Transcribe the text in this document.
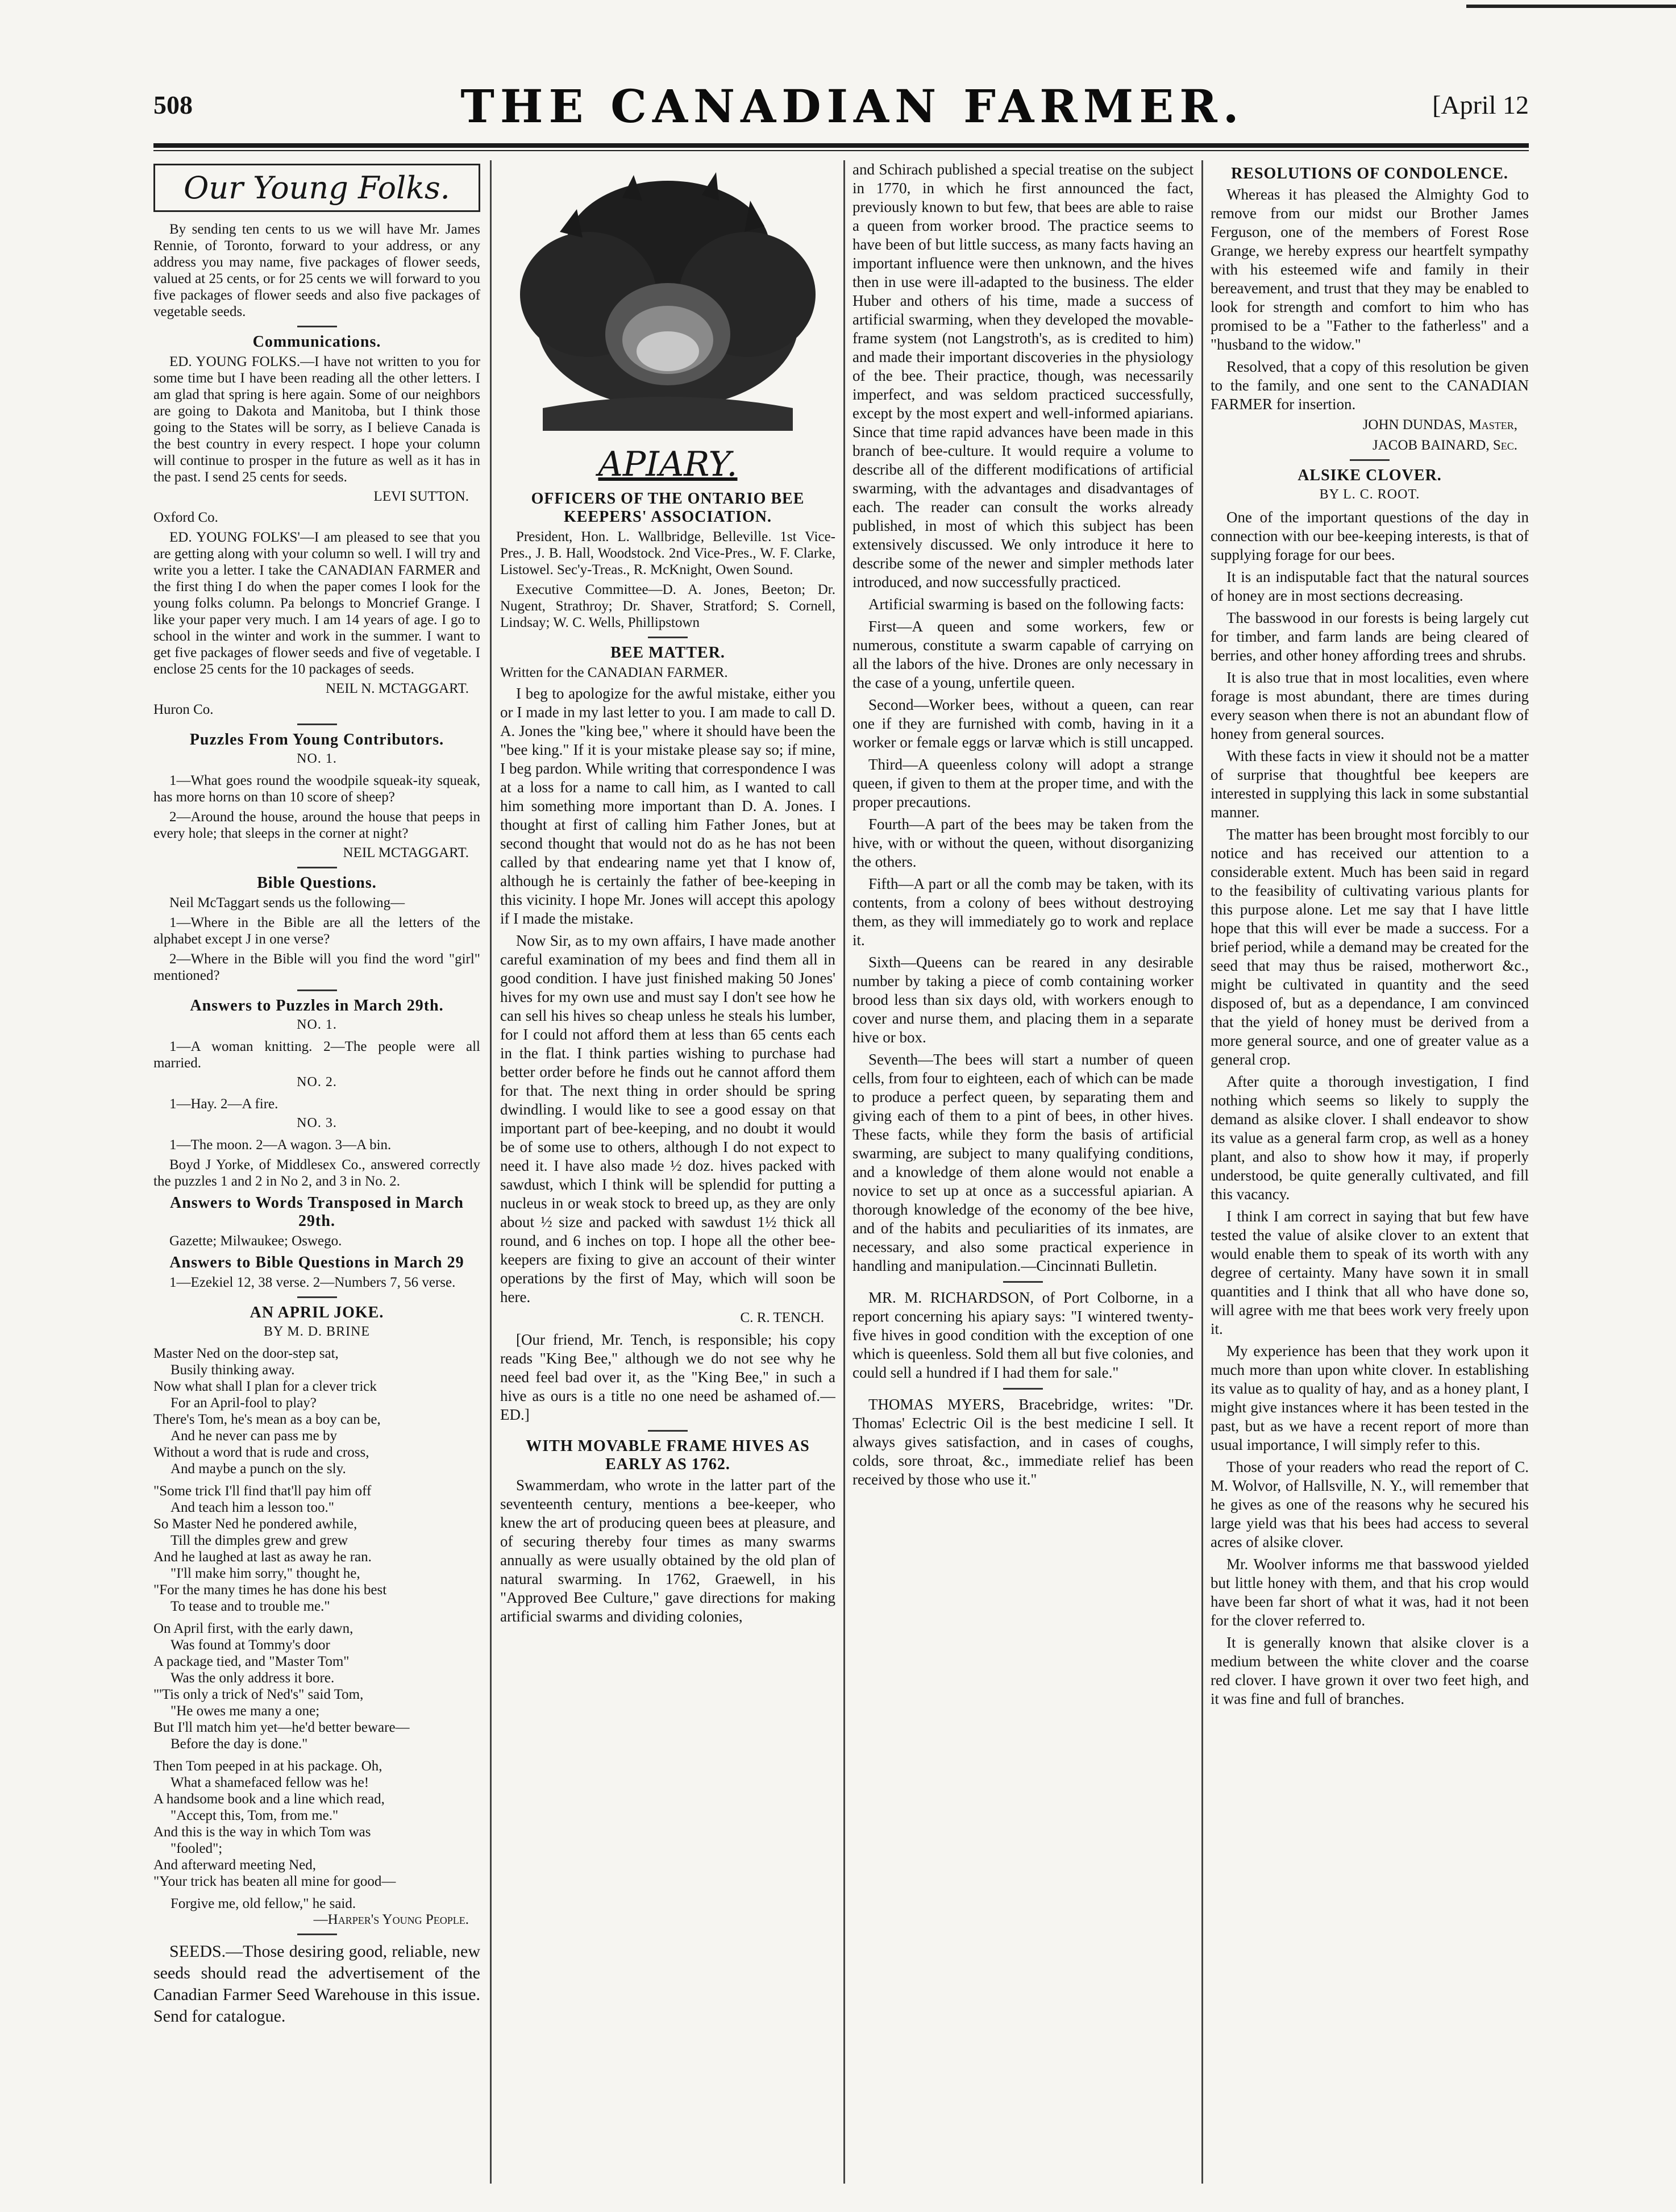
508	THE CANADIAN FARMER.	[April 12
Our Young Folks.

By sending ten cents to us we will have Mr. James Rennie, of Toronto, forward to your address, or any address you may name, five packages of flower seeds, valued at 25 cents, or for 25 cents we will forward to you five packages of flower seeds and also five packages of vegetable seeds.

Communications.

ED. YOUNG FOLKS.—I have not written to you for some time but I have been reading all the other letters. I am glad that spring is here again. Some of our neighbors are going to Dakota and Manitoba, but I think those going to the States will be sorry, as I believe Canada is the best country in every respect. I hope your column will continue to prosper in the future as well as it has in the past. I send 25 cents for seeds.

LEVI SUTTON.

Oxford Co.

ED. YOUNG FOLKS'—I am pleased to see that you are getting along with your column so well. I will try and write you a letter. I take the CANADIAN FARMER and the first thing I do when the paper comes I look for the young folks column. Pa belongs to Moncrief Grange. I like your paper very much. I am 14 years of age. I go to school in the winter and work in the summer. I want to get five packages of flower seeds and five of vegetable. I enclose 25 cents for the 10 packages of seeds.

NEIL N. MCTAGGART.

Huron Co.

Puzzles From Young Contributors.
NO. 1.

1—What goes round the woodpile squeak-ity squeak, has more horns on than 10 score of sheep?

2—Around the house, around the house that peeps in every hole; that sleeps in the corner at night?

NEIL MCTAGGART.
Bible Questions.

Neil McTaggart sends us the following—

1—Where in the Bible are all the letters of the alphabet except J in one verse?

2—Where in the Bible will you find the word "girl" mentioned?

Answers to Puzzles in March 29th.
NO. 1.

1—A woman knitting. 2—The people were all married.

NO. 2.

1—Hay. 2—A fire.

NO. 3.

1—The moon. 2—A wagon. 3—A bin.

Boyd J Yorke, of Middlesex Co., answered correctly the puzzles 1 and 2 in No 2, and 3 in No. 2.

Answers to Words Transposed in March 29th.

Gazette; Milwaukee; Oswego.

Answers to Bible Questions in March 29

1—Ezekiel 12, 38 verse. 2—Numbers 7, 56 verse.

AN APRIL JOKE.
BY M. D. BRINE
Master Ned on the door-step sat,
Busily thinking away.
Now what shall I plan for a clever trick
For an April-fool to play?
There's Tom, he's mean as a boy can be,
And he never can pass me by
Without a word that is rude and cross,
And maybe a punch on the sly.
"Some trick I'll find that'll pay him off
And teach him a lesson too."
So Master Ned he pondered awhile,
Till the dimples grew and grew
And he laughed at last as away he ran.
"I'll make him sorry," thought he,
"For the many times he has done his best
To tease and to trouble me."
On April first, with the early dawn,
Was found at Tommy's door
A package tied, and "Master Tom"
Was the only address it bore.
"'Tis only a trick of Ned's" said Tom,
"He owes me many a one;
But I'll match him yet—he'd better beware—
Before the day is done."
Then Tom peeped in at his package. Oh,
What a shamefaced fellow was he!
A handsome book and a line which read,
"Accept this, Tom, from me."
And this is the way in which Tom was
"fooled";
And afterward meeting Ned,
"Your trick has beaten all mine for good—
Forgive me, old fellow," he said.
—Harper's Young People.

SEEDS.—Those desiring good, reliable, new seeds should read the advertisement of the Canadian Farmer Seed Warehouse in this issue. Send for catalogue.

APIARY.
OFFICERS OF THE ONTARIO BEE KEEPERS' ASSOCIATION.

President, Hon. L. Wallbridge, Belleville. 1st Vice-Pres., J. B. Hall, Woodstock. 2nd Vice-Pres., W. F. Clarke, Listowel. Sec'y-Treas., R. McKnight, Owen Sound.

Executive Committee—D. A. Jones, Beeton; Dr. Nugent, Strathroy; Dr. Shaver, Stratford; S. Cornell, Lindsay; W. C. Wells, Phillipstown

BEE MATTER.

Written for the CANADIAN FARMER.

I beg to apologize for the awful mistake, either you or I made in my last letter to you. I am made to call D. A. Jones the "king bee," where it should have been the "bee king." If it is your mistake please say so; if mine, I beg pardon. While writing that correspondence I was at a loss for a name to call him, as I wanted to call him something more important than D. A. Jones. I thought at first of calling him Father Jones, but at second thought that would not do as he has not been called by that endearing name yet that I know of, although he is certainly the father of bee-keeping in this vicinity. I hope Mr. Jones will accept this apology if I made the mistake.

Now Sir, as to my own affairs, I have made another careful examination of my bees and find them all in good condition. I have just finished making 50 Jones' hives for my own use and must say I don't see how he can sell his hives so cheap unless he steals his lumber, for I could not afford them at less than 65 cents each in the flat. I think parties wishing to purchase had better order before he finds out he cannot afford them for that. The next thing in order should be spring dwindling. I would like to see a good essay on that important part of bee-keeping, and no doubt it would be of some use to others, although I do not expect to need it. I have also made ½ doz. hives packed with sawdust, which I think will be splendid for putting a nucleus in or weak stock to breed up, as they are only about ½ size and packed with sawdust 1½ thick all round, and 6 inches on top. I hope all the other bee-keepers are fixing to give an account of their winter operations by the first of May, which will soon be here.

C. R. TENCH.

[Our friend, Mr. Tench, is responsible; his copy reads "King Bee," although we do not see why he need feel bad over it, as the "King Bee," in such a hive as ours is a title no one need be ashamed of.—ED.]

WITH MOVABLE FRAME HIVES AS EARLY AS 1762.

Swammerdam, who wrote in the latter part of the seventeenth century, mentions a bee-keeper, who knew the art of producing queen bees at pleasure, and of securing thereby four times as many swarms annually as were usually obtained by the old plan of natural swarming. In 1762, Graewell, in his "Approved Bee Culture," gave directions for making artificial swarms and dividing colonies,

and Schirach published a special treatise on the subject in 1770, in which he first announced the fact, previously known to but few, that bees are able to raise a queen from worker brood. The practice seems to have been of but little success, as many facts having an important influence were then unknown, and the hives then in use were ill-adapted to the business. The elder Huber and others of his time, made a success of artificial swarming, when they developed the movable-frame system (not Langstroth's, as is credited to him) and made their important discoveries in the physiology of the bee. Their practice, though, was necessarily imperfect, and was seldom practiced successfully, except by the most expert and well-informed apiarians. Since that time rapid advances have been made in this branch of bee-culture. It would require a volume to describe all of the different modifications of artificial swarming, with the advantages and disadvantages of each. The reader can consult the works already published, in most of which this subject has been extensively discussed. We only introduce it here to describe some of the newer and simpler methods later introduced, and now successfully practiced.

Artificial swarming is based on the following facts:

First—A queen and some workers, few or numerous, constitute a swarm capable of carrying on all the labors of the hive. Drones are only necessary in the case of a young, unfertile queen.

Second—Worker bees, without a queen, can rear one if they are furnished with comb, having in it a worker or female eggs or larvæ which is still uncapped.

Third—A queenless colony will adopt a strange queen, if given to them at the proper time, and with the proper precautions.

Fourth—A part of the bees may be taken from the hive, with or without the queen, without disorganizing the others.

Fifth—A part or all the comb may be taken, with its contents, from a colony of bees without destroying them, as they will immediately go to work and replace it.

Sixth—Queens can be reared in any desirable number by taking a piece of comb containing worker brood less than six days old, with workers enough to cover and nurse them, and placing them in a separate hive or box.

Seventh—The bees will start a number of queen cells, from four to eighteen, each of which can be made to produce a perfect queen, by separating them and giving each of them to a pint of bees, in other hives. These facts, while they form the basis of artificial swarming, are subject to many qualifying conditions, and a knowledge of them alone would not enable a novice to set up at once as a successful apiarian. A thorough knowledge of the economy of the bee hive, and of the habits and peculiarities of its inmates, are necessary, and also some practical experience in handling and manipulation.—Cincinnati Bulletin.

MR. M. RICHARDSON, of Port Colborne, in a report concerning his apiary says: "I wintered twenty-five hives in good condition with the exception of one which is queenless. Sold them all but five colonies, and could sell a hundred if I had them for sale."

THOMAS MYERS, Bracebridge, writes: "Dr. Thomas' Eclectric Oil is the best medicine I sell. It always gives satisfaction, and in cases of coughs, colds, sore throat, &c., immediate relief has been received by those who use it."

RESOLUTIONS OF CONDOLENCE.

Whereas it has pleased the Almighty God to remove from our midst our Brother James Ferguson, one of the members of Forest Rose Grange, we hereby express our heartfelt sympathy with his esteemed wife and family in their bereavement, and trust that they may be enabled to look for strength and comfort to him who has promised to be a "Father to the fatherless" and a "husband to the widow."

Resolved, that a copy of this resolution be given to the family, and one sent to the CANADIAN FARMER for insertion.

JOHN DUNDAS, Master,
JACOB BAINARD, Sec.
ALSIKE CLOVER.
BY L. C. ROOT.

One of the important questions of the day in connection with our bee-keeping interests, is that of supplying forage for our bees.

It is an indisputable fact that the natural sources of honey are in most sections decreasing.

The basswood in our forests is being largely cut for timber, and farm lands are being cleared of berries, and other honey affording trees and shrubs.

It is also true that in most localities, even where forage is most abundant, there are times during every season when there is not an abundant flow of honey from general sources.

With these facts in view it should not be a matter of surprise that thoughtful bee keepers are interested in supplying this lack in some substantial manner.

The matter has been brought most forcibly to our notice and has received our attention to a considerable extent. Much has been said in regard to the feasibility of cultivating various plants for this purpose alone. Let me say that I have little hope that this will ever be made a success. For a brief period, while a demand may be created for the seed that may thus be raised, motherwort &c., might be cultivated in quantity and the seed disposed of, but as a dependance, I am convinced that the yield of honey must be derived from a more general source, and one of greater value as a general crop.

After quite a thorough investigation, I find nothing which seems so likely to supply the demand as alsike clover. I shall endeavor to show its value as a general farm crop, as well as a honey plant, and also to show how it may, if properly understood, be quite generally cultivated, and fill this vacancy.

I think I am correct in saying that but few have tested the value of alsike clover to an extent that would enable them to speak of its worth with any degree of certainty. Many have sown it in small quantities and I think that all who have done so, will agree with me that bees work very freely upon it.

My experience has been that they work upon it much more than upon white clover. In establishing its value as to quality of hay, and as a honey plant, I might give instances where it has been tested in the past, but as we have a recent report of more than usual importance, I will simply refer to this.

Those of your readers who read the report of C. M. Wolvor, of Hallsville, N. Y., will remember that he gives as one of the reasons why he secured his large yield was that his bees had access to several acres of alsike clover.

Mr. Woolver informs me that basswood yielded but little honey with them, and that his crop would have been far short of what it was, had it not been for the clover referred to.

It is generally known that alsike clover is a medium between the white clover and the coarse red clover. I have grown it over two feet high, and it was fine and full of branches.
